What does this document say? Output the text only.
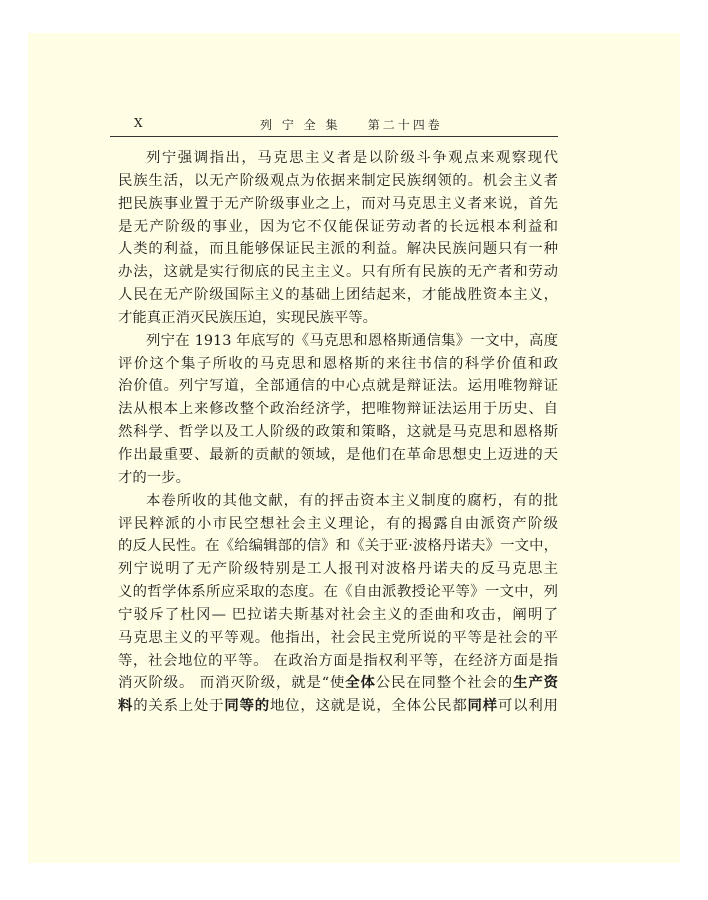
X	列 宁 全 集    第二十四卷
列宁强调指出，马克思主义者是以阶级斗争观点来观察现代
民族生活，以无产阶级观点为依据来制定民族纲领的。机会主义者
把民族事业置于无产阶级事业之上，而对马克思主义者来说，首先
是无产阶级的事业，因为它不仅能保证劳动者的长远根本利益和
人类的利益，而且能够保证民主派的利益。解决民族问题只有一种
办法，这就是实行彻底的民主主义。只有所有民族的无产者和劳动
人民在无产阶级国际主义的基础上团结起来，才能战胜资本主义，
才能真正消灭民族压迫，实现民族平等。
列宁在 1913 年底写的《马克思和恩格斯通信集》一文中，高度
评价这个集子所收的马克思和恩格斯的来往书信的科学价值和政
治价值。列宁写道，全部通信的中心点就是辩证法。运用唯物辩证
法从根本上来修改整个政治经济学，把唯物辩证法运用于历史、自
然科学、哲学以及工人阶级的政策和策略，这就是马克思和恩格斯
作出最重要、最新的贡献的领域，是他们在革命思想史上迈进的天
才的一步。
本卷所收的其他文献，有的抨击资本主义制度的腐朽，有的批
评民粹派的小市民空想社会主义理论，有的揭露自由派资产阶级
的反人民性。在《给编辑部的信》和《关于亚·波格丹诺夫》一文中，
列宁说明了无产阶级特别是工人报刊对波格丹诺夫的反马克思主
义的哲学体系所应采取的态度。在《自由派教授论平等》一文中，列
宁驳斥了杜冈— 巴拉诺夫斯基对社会主义的歪曲和攻击，阐明了
马克思主义的平等观。他指出，社会民主党所说的平等是社会的平
等，社会地位的平等。 在政治方面是指权利平等，在经济方面是指
消灭阶级。 而消灭阶级，就是“使全体公民在同整个社会的生产资
料的关系上处于同等的地位，这就是说，全体公民都同样可以利用
